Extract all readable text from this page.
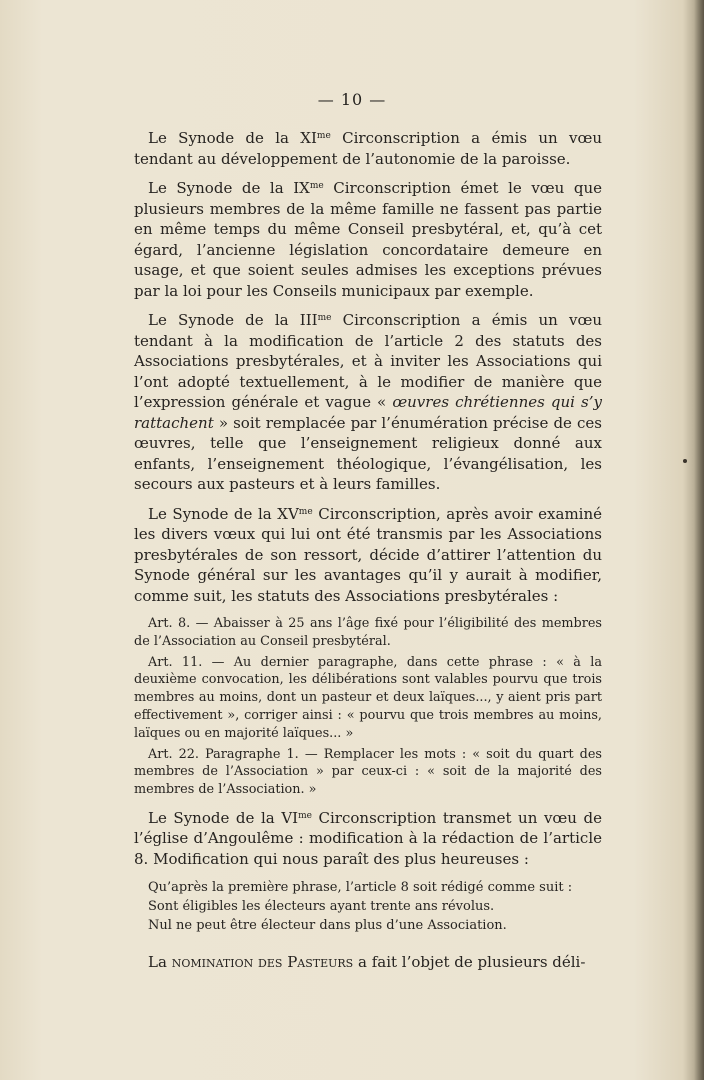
— 10 —

Le Synode de la $XI^{me}$ Circonscription a émis un vœu tendant au développement de l’autonomie de la paroisse.

Le Synode de la $IX^{me}$ Circonscription émet le vœu que plusieurs membres de la même famille ne fassent pas partie en même temps du même Conseil presbytéral, et, qu’à cet égard, l’ancienne législation concordataire demeure en usage, et que soient seules admises les exceptions prévues par la loi pour les Conseils municipaux par exemple.

Le Synode de la $III^{me}$ Circonscription a émis un vœu tendant à la modification de l’article 2 des statuts des Associations presbytérales, et à inviter les Associations qui l’ont adopté textuellement, à le modifier de manière que l’expression générale et vague « œuvres chrétiennes qui s’y rattachent » soit remplacée par l’énumération précise de ces œuvres, telle que l’enseignement religieux donné aux enfants, l’enseignement théologique, l’évangélisation, les secours aux pasteurs et à leurs familles.

Le Synode de la $XV^{me}$ Circonscription, après avoir examiné les divers vœux qui lui ont été transmis par les Associations presbytérales de son ressort, décide d’attirer l’attention du Synode général sur les avantages qu’il y aurait à modifier, comme suit, les statuts des Associations presbytérales :

Art. 8. — Abaisser à 25 ans l’âge fixé pour l’éligibilité des membres de l’Association au Conseil presbytéral.

Art. 11. — Au dernier paragraphe, dans cette phrase : « à la deuxième convocation, les délibérations sont valables pourvu que trois membres au moins, dont un pasteur et deux laïques..., y aient pris part effectivement », corriger ainsi : « pourvu que trois membres au moins, laïques ou en majorité laïques... »

Art. 22. Paragraphe 1. — Remplacer les mots : « soit du quart des membres de l’Association » par ceux-ci : « soit de la majorité des membres de l’Association. »

Le Synode de la $VI^{me}$ Circonscription transmet un vœu de l’église d’Angoulême : modification à la rédaction de l’article 8. Modification qui nous paraît des plus heureuses :

Qu’après la première phrase, l’article 8 soit rédigé comme suit :

Sont éligibles les électeurs ayant trente ans révolus.

Nul ne peut être électeur dans plus d’une Association.

La nomination des Pasteurs a fait l’objet de plusieurs déli-
